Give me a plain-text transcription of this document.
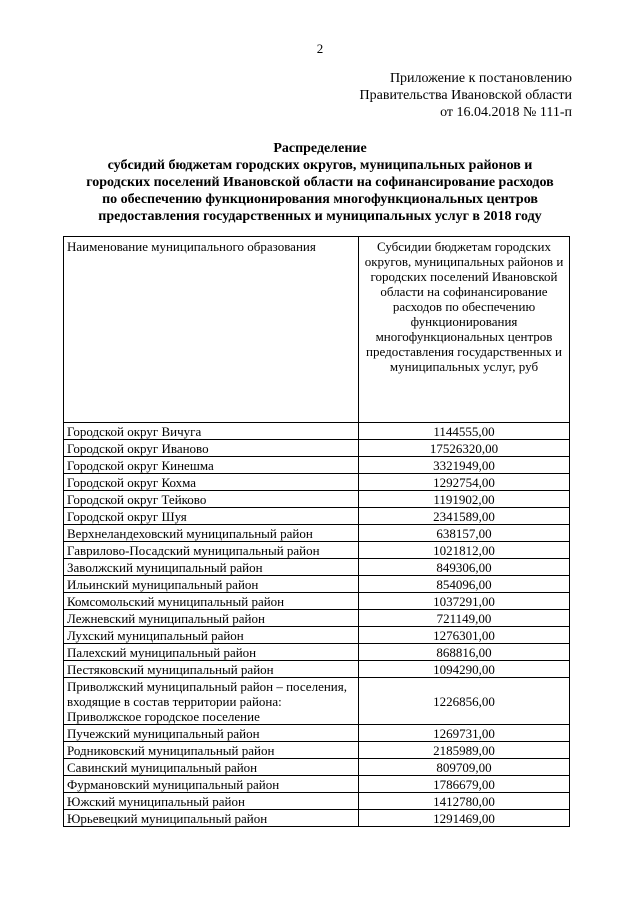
2
Приложение к постановлению
Правительства Ивановской области
от 16.04.2018 № 111-п
Распределение
субсидий бюджетам городских округов, муниципальных районов и
городских поселений Ивановской области на софинансирование расходов
по обеспечению функционирования многофункциональных центров
предоставления государственных и муниципальных услуг в 2018 году
Наименование муниципального образования	Субсидии бюджетам городских округов, муниципальных районов и городских поселений Ивановской области на софинансирование расходов по обеспечению функционирования многофункциональных центров предоставления государственных и муниципальных услуг, руб
Городской округ Вичуга	1144555,00
Городской округ Иваново	17526320,00
Городской округ Кинешма	3321949,00
Городской округ Кохма	1292754,00
Городской округ Тейково	1191902,00
Городской округ Шуя	2341589,00
Верхнеландеховский муниципальный район	638157,00
Гаврилово-Посадский муниципальный район	1021812,00
Заволжский муниципальный район	849306,00
Ильинский муниципальный район	854096,00
Комсомольский муниципальный район	1037291,00
Лежневский муниципальный район	721149,00
Лухский муниципальный район	1276301,00
Палехский муниципальный район	868816,00
Пестяковский муниципальный район	1094290,00
Приволжский муниципальный район – поселения, входящие в состав территории района: Приволжское городское поселение	1226856,00
Пучежский муниципальный район	1269731,00
Родниковский муниципальный район	2185989,00
Савинский муниципальный район	809709,00
Фурмановский муниципальный район	1786679,00
Южский муниципальный район	1412780,00
Юрьевецкий муниципальный район	1291469,00
